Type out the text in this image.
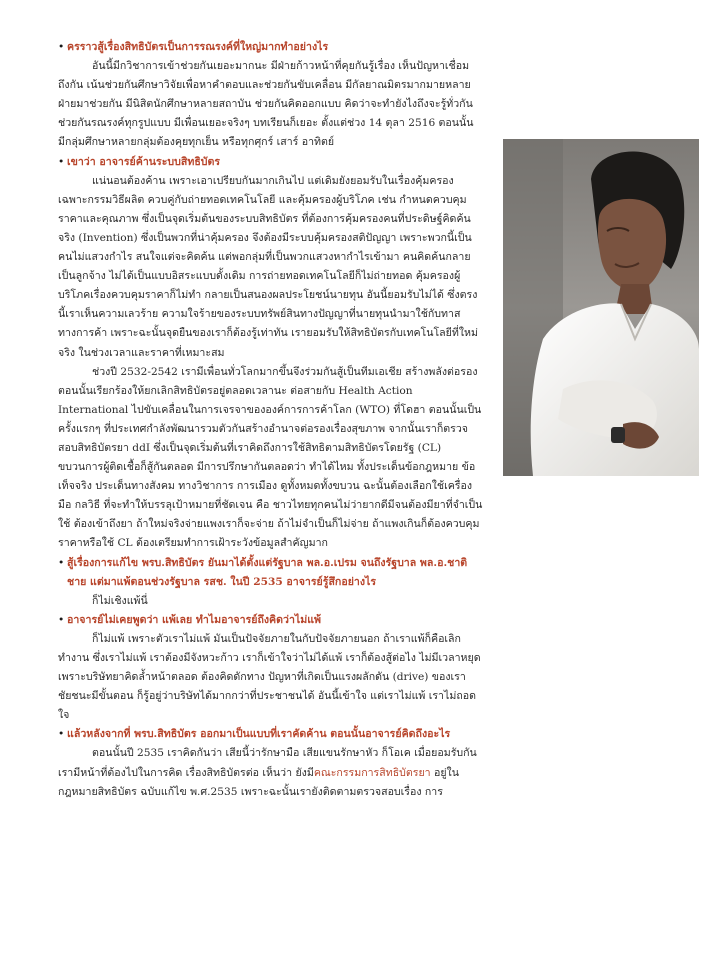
• ครราวสู้เรื่องสิทธิบัตรเป็นการรณรงค์ที่ใหญ่มากทำอย่างไร
อันนี้มีกวิชาการเข้าช่วยกันเยอะมากนะ มีฝ่ายก้าวหน้าที่คุยกันรู้เรื่อง เห็นปัญหาเชื่อมถึงกัน เน้นช่วยกันศึกษาวิจัยเพื่อหาคำตอบและช่วยกันขับเคลื่อน มีกัลยาณมิตรมากมายหลายฝ่ายมาช่วยกัน มีนิสิตนักศึกษาหลายสถาบัน ช่วยกันคิดออกแบบ คิดว่าจะทำยังไงถึงจะรู้ทั่วกัน ช่วยกันรณรงค์ทุกรูปแบบ มีเพื่อนเยอะจริงๆ บทเรียนก็เยอะ ตั้งแต่ช่วง 14 ตุลา 2516 ตอนนั้น มีกลุ่มศึกษาหลายกลุ่มต้องคุยทุกเย็น หรือทุกศุกร์ เสาร์ อาทิตย์
• เขาว่า อาจารย์ค้านระบบสิทธิบัตร
แน่นอนต้องค้าน เพราะเอาเปรียบกันมากเกินไป แต่เดิมยังยอมรับในเรื่องคุ้มครองเฉพาะกรรมวิธีผลิต ควบคู่กับถ่ายทอดเทคโนโลยี และคุ้มครองผู้บริโภค เช่น กำหนดควบคุมราคาและคุณภาพ ซึ่งเป็นจุดเริ่มต้นของระบบสิทธิบัตร ที่ต้องการคุ้มครองคนที่ประดิษฐ์คิดค้นจริง (Invention) ซึ่งเป็นพวกที่น่าคุ้มครอง จึงต้องมีระบบคุ้มครองสติปัญญา เพราะพวกนี้เป็นคนไม่แสวงกำไร สนใจแต่จะคิดค้น แต่พอกลุ่มที่เป็นพวกแสวงหากำไรเข้ามา คนคิดค้นกลายเป็นลูกจ้าง ไม่ได้เป็นแบบอิสระแบบดั้งเดิม การถ่ายทอดเทคโนโลยีก็ไม่ถ่ายทอด คุ้มครองผู้บริโภคเรื่องควบคุมราคาก็ไม่ทำ กลายเป็นสนองผลประโยชน์นายทุน อันนี้ยอมรับไม่ได้ ซึ่งตรงนี้เราเห็นความเลวร้าย ความใจร้ายของระบบทรัพย์สินทางปัญญาที่นายทุนนำมาใช้กับทาสทางการค้า เพราะฉะนั้นจุดยืนของเราก็ต้องรู้เท่าทัน เรายอมรับให้สิทธิบัตรกับเทคโนโลยีที่ใหม่จริง ในช่วงเวลาและราคาที่เหมาะสม
ช่วงปี 2532-2542 เรามีเพื่อนทั่วโลกมากขึ้นจึงร่วมกันสู้เป็นทีมเอเชีย สร้างพลังต่อรอง ตอนนั้นเรียกร้องให้ยกเลิกสิทธิบัตรอยู่ตลอดเวลานะ ต่อสายกับ Health Action International ไปขับเคลื่อนในการเจรจาขององค์การการค้าโลก (WTO) ที่โดฮา ตอนนั้นเป็นครั้งแรกๆ ที่ประเทศกำลังพัฒนารวมตัวกันสร้างอำนาจต่อรองเรื่องสุขภาพ จากนั้นเราก็ตรวจสอบสิทธิบัตรยา ddI ซึ่งเป็นจุดเริ่มต้นที่เราคิดถึงการใช้สิทธิตามสิทธิบัตรโดยรัฐ (CL) ขบวนการผู้ติดเชื้อก็สู้กันตลอด มีการปรึกษากันตลอดว่า ทำได้ไหม ทั้งประเด็นข้อกฎหมาย ข้อเท็จจริง ประเด็นทางสังคม ทางวิชาการ การเมือง ดูทั้งหมดทั้งขบวน ฉะนั้นต้องเลือกใช้เครื่องมือ กลวิธี ที่จะทำให้บรรลุเป้าหมายที่ชัดเจน คือ ชาวไทยทุกคนไม่ว่ายากดีมีจนต้องมียาที่จำเป็นใช้ ต้องเข้าถึงยา ถ้าใหม่จริงจ่ายแพงเราก็จะจ่าย ถ้าไม่จำเป็นก็ไม่จ่าย ถ้าแพงเกินก็ต้องควบคุมราคาหรือใช้ CL ต้องเตรียมทำการเฝ้าระวังข้อมูลสำคัญมาก
• สู้เรื่องการแก้ไข พรบ.สิทธิบัตร ยันมาได้ตั้งแต่รัฐบาล พล.อ.เปรม จนถึงรัฐบาล พล.อ.ชาติชาย แต่มาแพ้ตอนช่วงรัฐบาล รสช. ในปี 2535 อาจารย์รู้สึกอย่างไร
ก็ไม่เชิงแพ้นี่
• อาจารย์ไม่เคยพูดว่า แพ้เลย ทำไมอาจารย์ถึงคิดว่าไม่แพ้
ก็ไม่แพ้ เพราะตัวเราไม่แพ้ มันเป็นปัจจัยภายในกับปัจจัยภายนอก ถ้าเราแพ้ก็คือเลิกทำงาน ซึ่งเราไม่แพ้ เราต้องมีจังหวะก้าว เราก็เข้าใจว่าไม่ได้แพ้ เราก็ต้องสู้ต่อไง ไม่มีเวลาหยุด เพราะบริษัทยาคิดล้ำหน้าตลอด ต้องคิดดักทาง ปัญหาที่เกิดเป็นแรงผลักดัน (drive) ของเรา ชัยชนะมีขั้นตอน ก็รู้อยู่ว่าบริษัทได้มากกว่าที่ประชาชนได้ อันนี้เข้าใจ แต่เราไม่แพ้ เราไม่ถอดใจ
• แล้วหลังจากที่ พรบ.สิทธิบัตร ออกมาเป็นแบบที่เราคัดค้าน ตอนนั้นอาจารย์คิดถึงอะไร
ตอนนั้นปี 2535 เราคิดกันว่า เสียนี้ว่ารักษามือ เสียแขนรักษาหัว ก็โอเค เมื่อยอมรับกัน เรามีหน้าที่ต้องไปในการคิด เรื่องสิทธิบัตรต่อ เห็นว่า ยังมีคณะกรรมการสิทธิบัตรยา อยู่ในกฎหมายสิทธิบัตร ฉบับแก้ไข พ.ศ.2535 เพราะฉะนั้นเรายังติดตามตรวจสอบเรื่อง การ
